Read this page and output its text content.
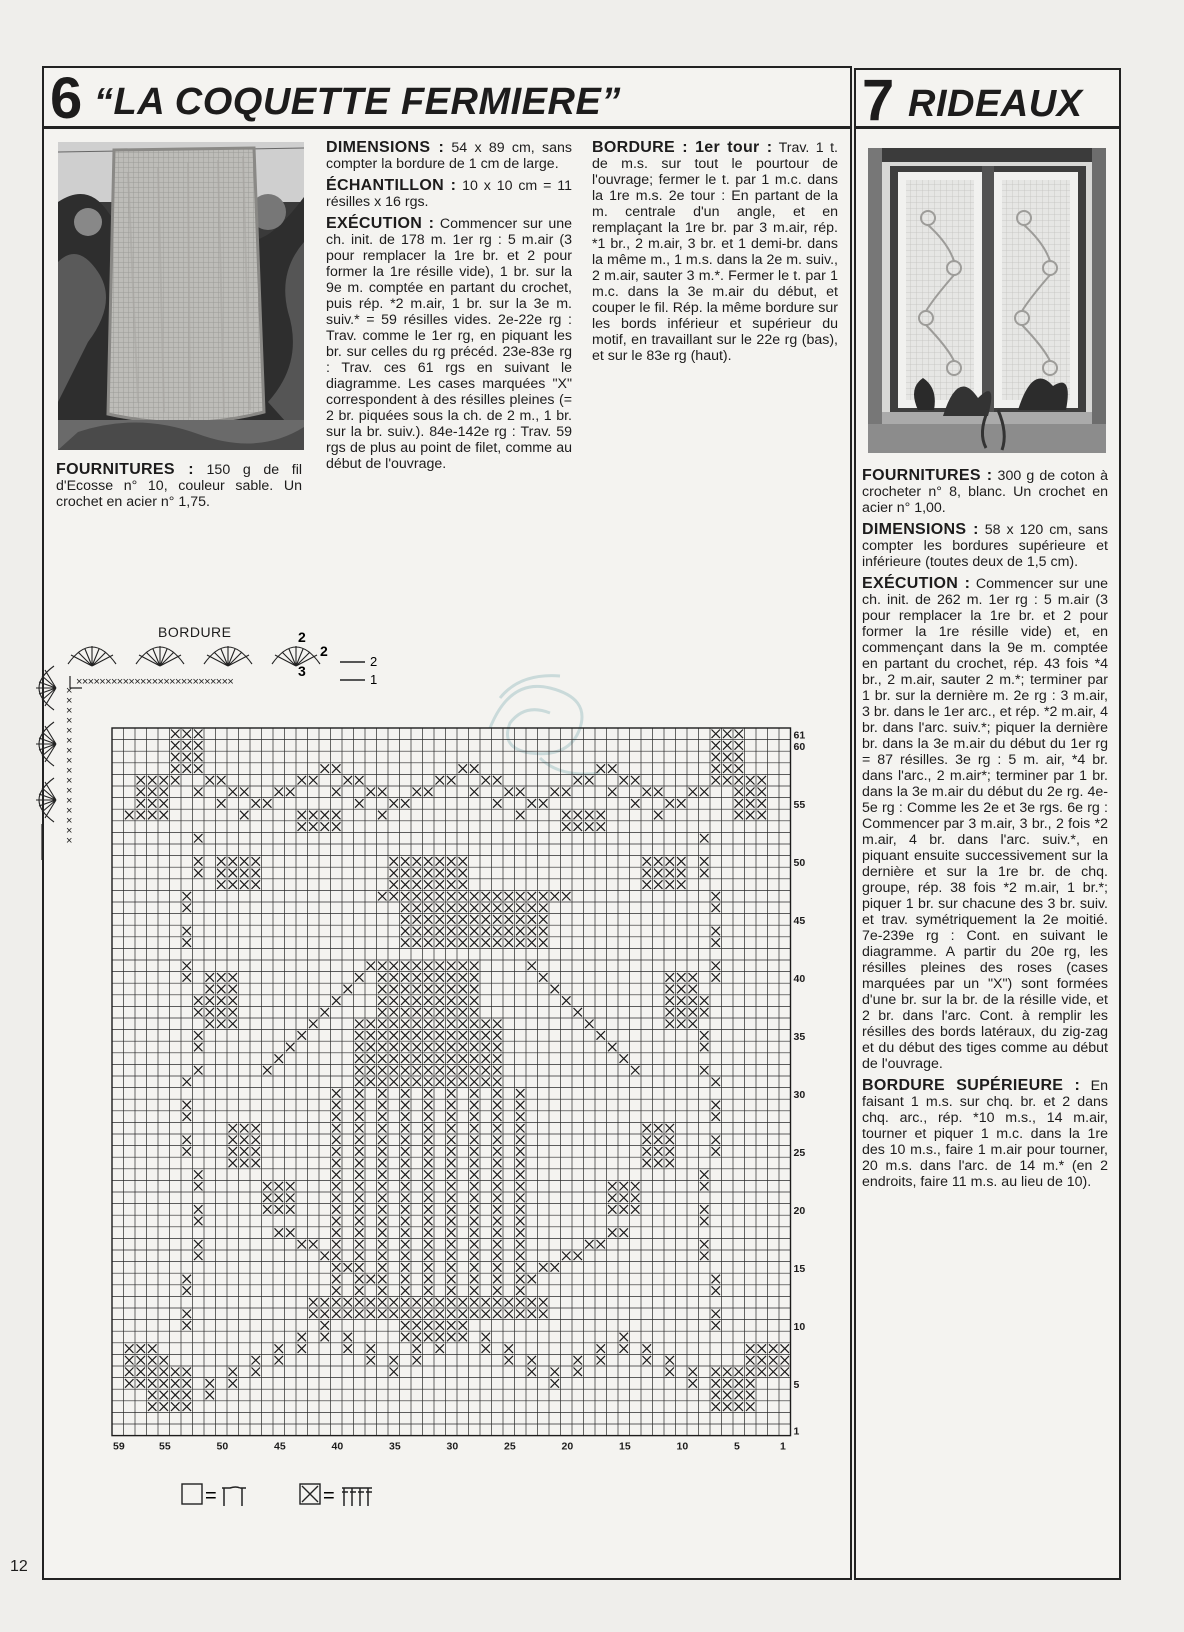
6 “LA COQUETTE FERMIERE”	7 RIDEAUX

FOURNITURES : 150 g de fil d'Ecosse n° 10, couleur sable. Un crochet en acier n° 1,75.

DIMENSIONS : 54 x 89 cm, sans compter la bordure de 1 cm de large.

ÉCHANTILLON : 10 x 10 cm = 11 résilles x 16 rgs.

EXÉCUTION : Commencer sur une ch. init. de 178 m. 1er rg : 5 m.air (3 pour remplacer la 1re br. et 2 pour former la 1re résille vide), 1 br. sur la 9e m. comptée en partant du crochet, puis rép. *2 m.air, 1 br. sur la 3e m. suiv.* = 59 résilles vides. 2e-22e rg : Trav. comme le 1er rg, en piquant les br. sur celles du rg précéd. 23e-83e rg : Trav. ces 61 rgs en suivant le diagramme. Les cases marquées "X" correspondent à des résilles pleines (= 2 br. piquées sous la ch. de 2 m., 1 br. sur la br. suiv.). 84e-142e rg : Trav. 59 rgs de plus au point de filet, comme au début de l'ouvrage.

BORDURE : 1er tour : Trav. 1 t. de m.s. sur tout le pourtour de l'ouvrage; fermer le t. par 1 m.c. dans la 1re m.s. 2e tour : En partant de la m. centrale d'un angle, et en remplaçant la 1re br. par 3 m.air, rép. *1 br., 2 m.air, 3 br. et 1 demi-br. dans la même m., 1 m.s. dans la 2e m. suiv., 2 m.air, sauter 3 m.*. Fermer le t. par 1 m.c. dans la 3e m.air du début, et couper le fil. Rép. la même bordure sur les bords inférieur et supérieur du motif, en travaillant sur le 22e rg (bas), et sur le 83e rg (haut).

BORDURE
×××××××××××××××××××××××××××
×
×
×
×
×
×
×
×
×
×
×
×
×
×
×
×
2
2
3
2
1
61
60
55
50
45
40
35
30
25
20
15
10
5
1
59	55	50	45	40	35	30	25	20	15	10	5	1
=	=

FOURNITURES : 300 g de coton à crocheter n° 8, blanc. Un crochet en acier n° 1,00.

DIMENSIONS : 58 x 120 cm, sans compter les bordures supérieure et inférieure (toutes deux de 1,5 cm).

EXÉCUTION : Commencer sur une ch. init. de 262 m. 1er rg : 5 m.air (3 pour remplacer la 1re br. et 2 pour former la 1re résille vide) et, en commençant dans la 9e m. comptée en partant du crochet, rép. 43 fois *4 br., 2 m.air, sauter 2 m.*; terminer par 1 br. sur la dernière m. 2e rg : 3 m.air, 3 br. dans le 1er arc., et rép. *2 m.air, 4 br. dans l'arc. suiv.*; piquer la dernière br. dans la 3e m.air du début du 1er rg = 87 résilles. 3e rg : 5 m. air, *4 br. dans l'arc., 2 m.air*; terminer par 1 br. dans la 3e m.air du début du 2e rg. 4e-5e rg : Comme les 2e et 3e rgs. 6e rg : Commencer par 3 m.air, 3 br., 2 fois *2 m.air, 4 br. dans l'arc. suiv.*, en piquant ensuite successivement sur la dernière et sur la 1re br. de chq. groupe, rép. 38 fois *2 m.air, 1 br.*; piquer 1 br. sur chacune des 3 br. suiv. et trav. symétriquement la 2e moitié. 7e-239e rg : Cont. en suivant le diagramme. A partir du 20e rg, les résilles pleines des roses (cases marquées par un "X") sont formées d'une br. sur la br. de la résille vide, et 2 br. dans l'arc. Cont. à remplir les résilles des bords latéraux, du zig-zag et du début des tiges comme au début de l'ouvrage.

BORDURE SUPÉRIEURE : En faisant 1 m.s. sur chq. br. et 2 dans chq. arc., rép. *10 m.s., 14 m.air, tourner et piquer 1 m.c. dans la 1re des 10 m.s., faire 1 m.air pour tourner, 20 m.s. dans l'arc. de 14 m.* (en 2 endroits, faire 11 m.s. au lieu de 10).

12
